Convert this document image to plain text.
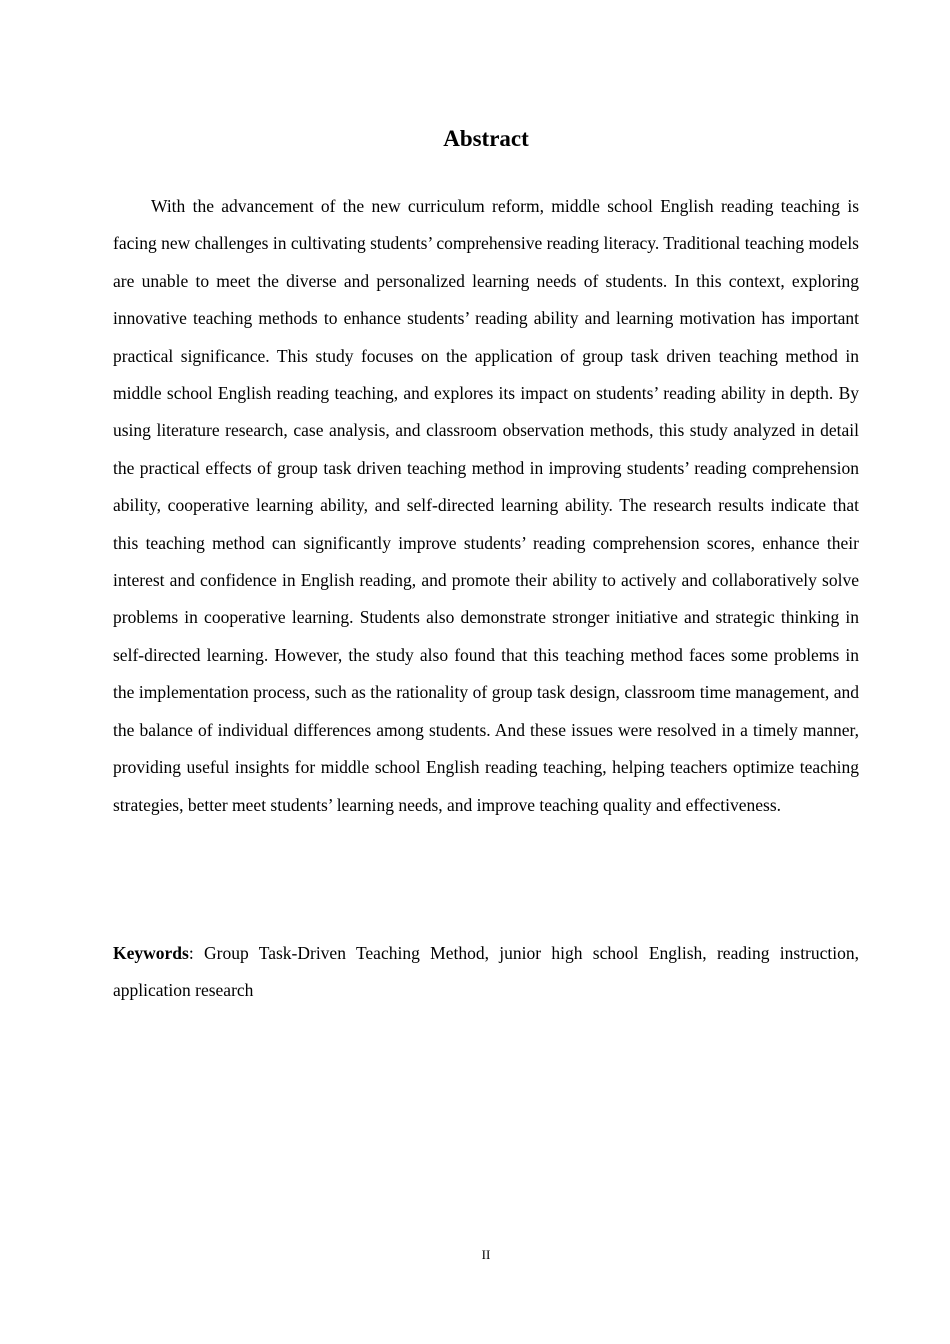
Abstract

With the advancement of the new curriculum reform, middle school English reading teaching is facing new challenges in cultivating students’ comprehensive reading literacy. Traditional teaching models are unable to meet the diverse and personalized learning needs of students. In this context, exploring innovative teaching methods to enhance students’ reading ability and learning motivation has important practical significance. This study focuses on the application of group task driven teaching method in middle school English reading teaching, and explores its impact on students’ reading ability in depth. By using literature research, case analysis, and classroom observation methods, this study analyzed in detail the practical effects of group task driven teaching method in improving students’ reading comprehension ability, cooperative learning ability, and self-directed learning ability. The research results indicate that this teaching method can significantly improve students’ reading comprehension scores, enhance their interest and confidence in English reading, and promote their ability to actively and collaboratively solve problems in cooperative learning. Students also demonstrate stronger initiative and strategic thinking in self-directed learning. However, the study also found that this teaching method faces some problems in the implementation process, such as the rationality of group task design, classroom time management, and the balance of individual differences among students. And these issues were resolved in a timely manner, providing useful insights for middle school English reading teaching, helping teachers optimize teaching strategies, better meet students’ learning needs, and improve teaching quality and effectiveness.

Keywords: Group Task-Driven Teaching Method, junior high school English, reading instruction, application research

II
